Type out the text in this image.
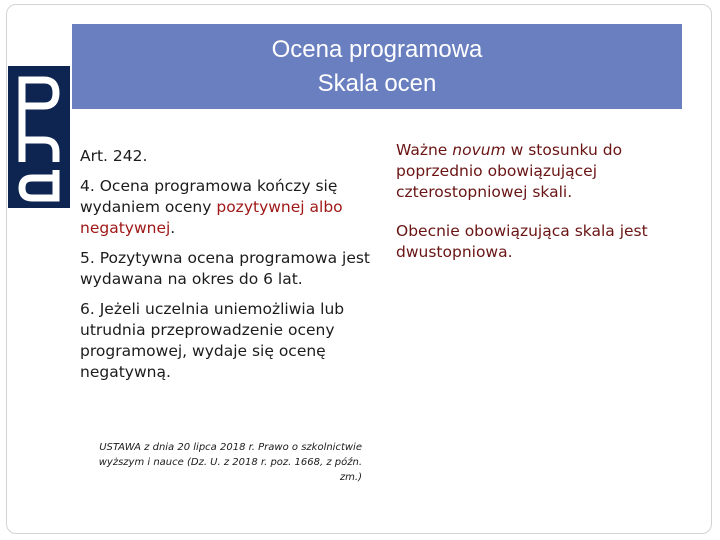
Ocena programowa
Skala ocen

Art. 242.

4. Ocena programowa kończy się wydaniem oceny pozytywnej albo negatywnej.

5. Pozytywna ocena programowa jest wydawana na okres do 6 lat.

6. Jeżeli uczelnia uniemożliwia lub utrudnia przeprowadzenie oceny programowej, wydaje się ocenę negatywną.

USTAWA z dnia 20 lipca 2018 r. Prawo o szkolnictwie wyższym i nauce (Dz. U. z 2018 r. poz. 1668, z późn. zm.)

Ważne novum w stosunku do poprzednio obowiązującej czterostopniowej skali.

Obecnie obowiązująca skala jest dwustopniowa.
